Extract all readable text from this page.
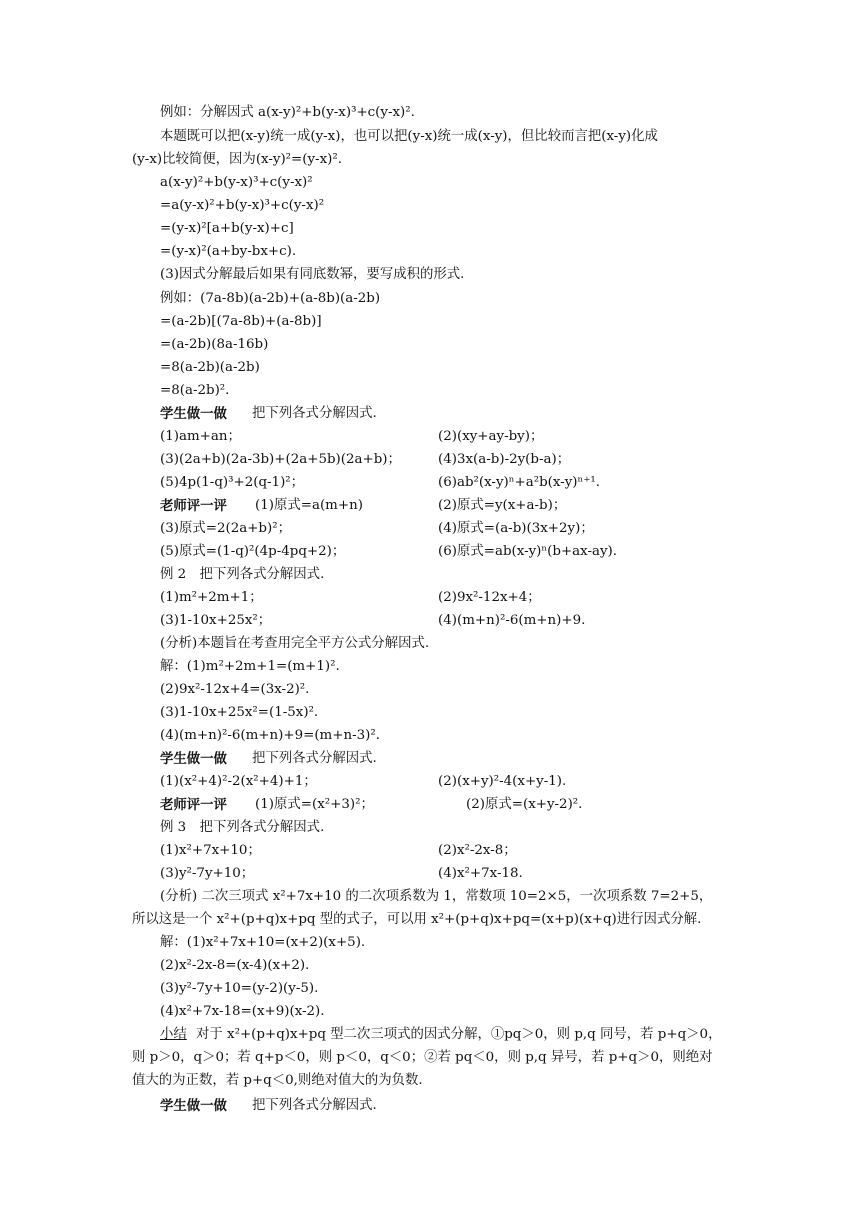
例如：分解因式 a(x-y)²+b(y-x)³+c(y-x)².
本题既可以把(x-y)统一成(y-x)，也可以把(y-x)统一成(x-y)，但比较而言把(x-y)化成
(y-x)比较简便，因为(x-y)²=(y-x)².
a(x-y)²+b(y-x)³+c(y-x)²
=a(y-x)²+b(y-x)³+c(y-x)²
=(y-x)²[a+b(y-x)+c]
=(y-x)²(a+by-bx+c).
(3)因式分解最后如果有同底数幂，要写成积的形式.
例如：(7a-8b)(a-2b)+(a-8b)(a-2b)
=(a-2b)[(7a-8b)+(a-8b)]
=(a-2b)(8a-16b)
=8(a-2b)(a-2b)
=8(a-2b)².
学生做一做 把下列各式分解因式.
(1)am+an；	(2)(xy+ay-by)；
(3)(2a+b)(2a-3b)+(2a+5b)(2a+b)；	(4)3x(a-b)-2y(b-a)；
(5)4p(1-q)³+2(q-1)²；	(6)ab²(x-y)ⁿ+a²b(x-y)ⁿ⁺¹.
老师评一评 (1)原式=a(m+n)	(2)原式=y(x+a-b)；
(3)原式=2(2a+b)²；	(4)原式=(a-b)(3x+2y)；
(5)原式=(1-q)²(4p-4pq+2)；	(6)原式=ab(x-y)ⁿ(b+ax-ay).
例 2　把下列各式分解因式.
(1)m²+2m+1；	(2)9x²-12x+4；
(3)1-10x+25x²；	(4)(m+n)²-6(m+n)+9.
(分析)本题旨在考查用完全平方公式分解因式.
解：(1)m²+2m+1=(m+1)².
(2)9x²-12x+4=(3x-2)².
(3)1-10x+25x²=(1-5x)².
(4)(m+n)²-6(m+n)+9=(m+n-3)².
学生做一做 把下列各式分解因式.
(1)(x²+4)²-2(x²+4)+1；	(2)(x+y)²-4(x+y-1).
老师评一评 (1)原式=(x²+3)²；	(2)原式=(x+y-2)².
例 3　把下列各式分解因式.
(1)x²+7x+10；	(2)x²-2x-8；
(3)y²-7y+10；	(4)x²+7x-18.
(分析) 二次三项式 x²+7x+10 的二次项系数为 1，常数项 10=2×5，一次项系数 7=2+5，
所以这是一个 x²+(p+q)x+pq 型的式子，可以用 x²+(p+q)x+pq=(x+p)(x+q)进行因式分解.
解：(1)x²+7x+10=(x+2)(x+5).
(2)x²-2x-8=(x-4)(x+2).
(3)y²-7y+10=(y-2)(y-5).
(4)x²+7x-18=(x+9)(x-2).
小结 对于 x²+(p+q)x+pq 型二次三项式的因式分解，①pq＞0，则 p,q 同号，若 p+q＞0，
则 p＞0，q＞0；若 q+p＜0，则 p＜0，q＜0；②若 pq＜0，则 p,q 异号，若 p+q＞0，则绝对
值大的为正数，若 p+q＜0,则绝对值大的为负数.
学生做一做 把下列各式分解因式.
